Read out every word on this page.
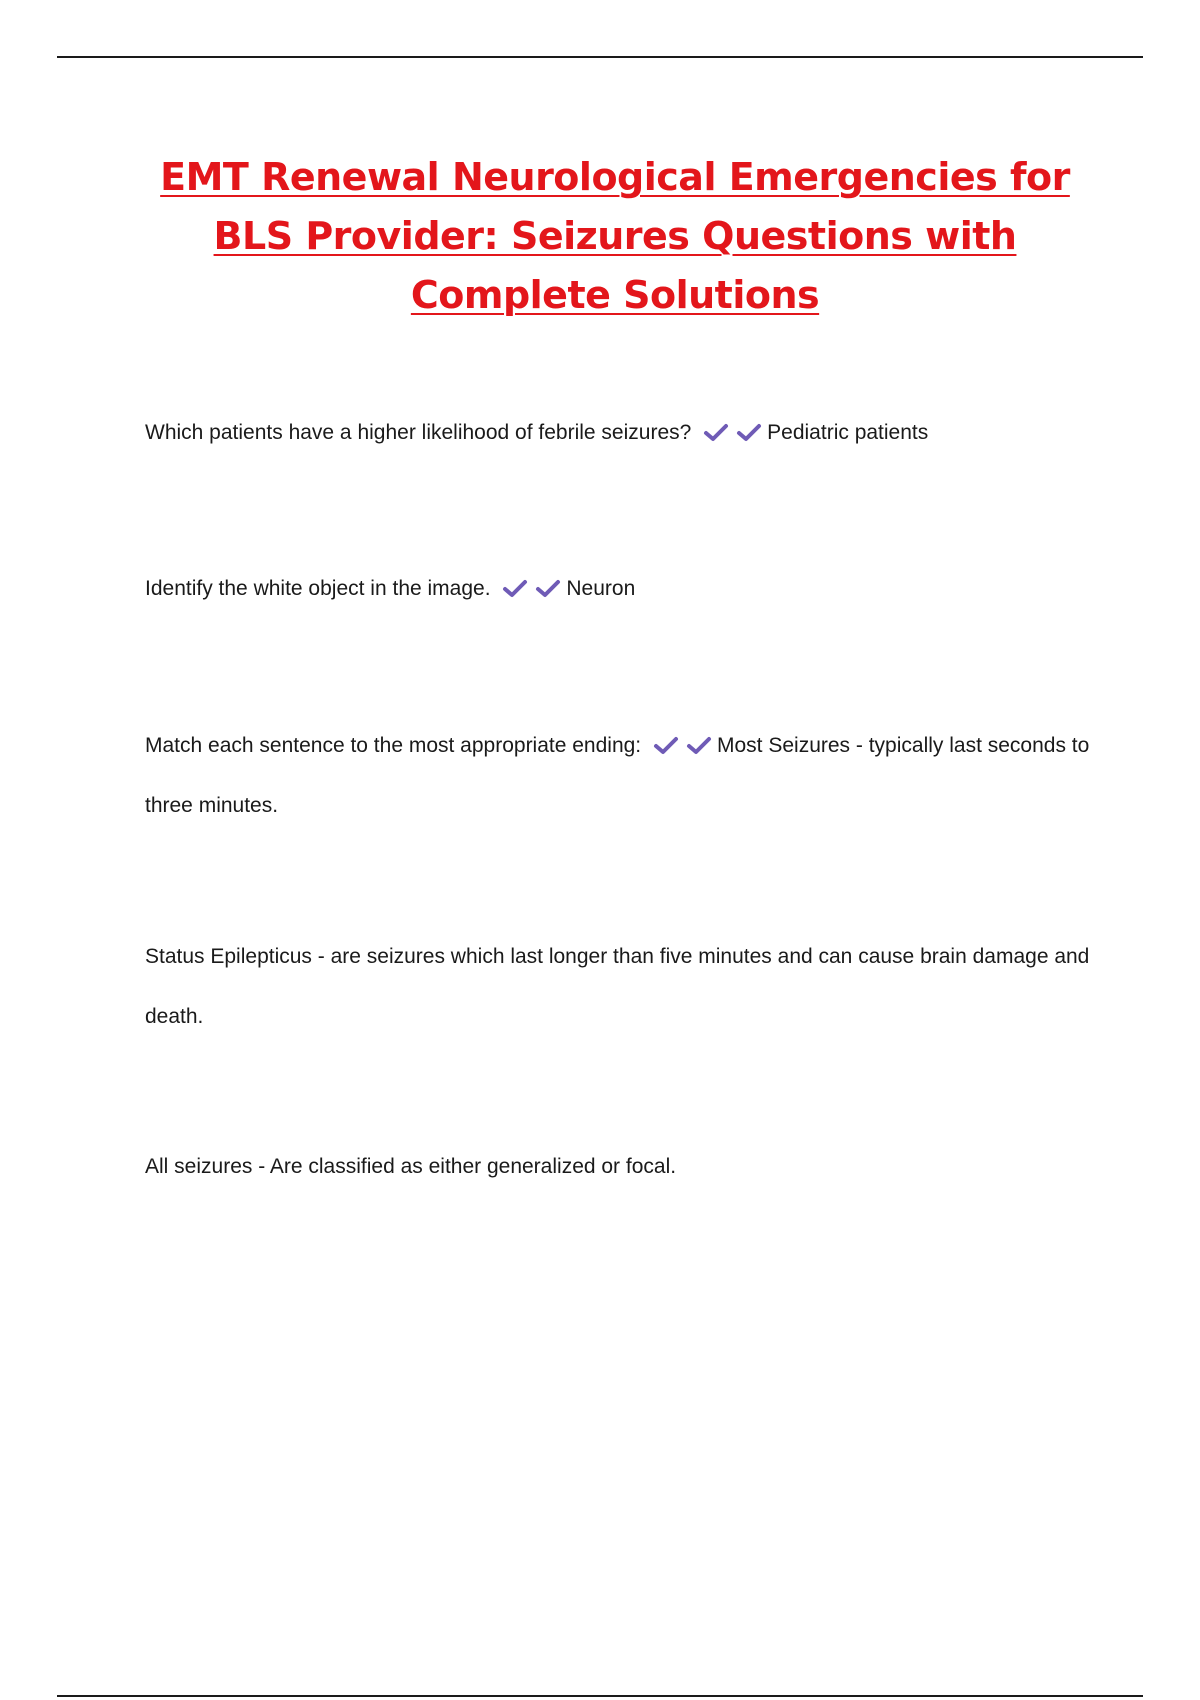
EMT Renewal Neurological Emergencies for
BLS Provider: Seizures Questions with
Complete Solutions

Which patients have a higher likelihood of febrile seizures?	Pediatric patients

Identify the white object in the image.	Neuron

Match each sentence to the most appropriate ending:	Most Seizures - typically last seconds to three minutes.

Status Epilepticus - are seizures which last longer than five minutes and can cause brain damage and death.

All seizures - Are classified as either generalized or focal.
